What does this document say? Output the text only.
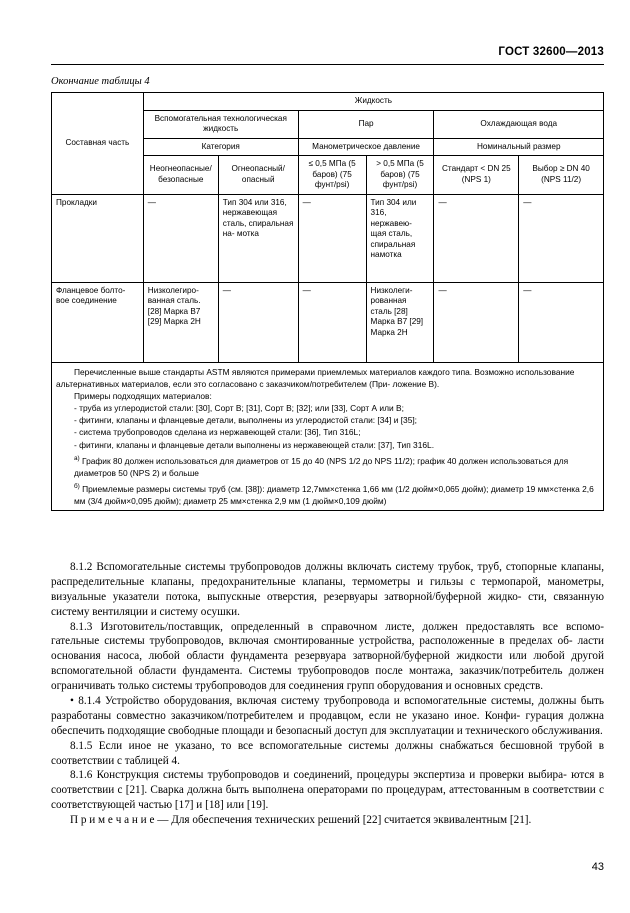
ГОСТ 32600—2013
Окончание таблицы 4
Составная часть	Жидкость					
	Вспомогательная технологическая жидкость		Пар		Охлаждающая вода	
	Категория		Манометрическое давление		Номинальный размер	
	Неогнеопасные/ безопасные	Огнеопасный/ опасный	≤ 0,5 МПа (5 баров) (75 фунт/psi)	> 0,5 МПа (5 баров) (75 фунт/psi)	Стандарт < DN 25 (NPS 1)	Выбор ≥ DN 40 (NPS 11/2)
Прокладки	—	Тип 304 или 316, нержавеющая сталь, спиральная на- мотка	—	Тип 304 или 316, нержавею- щая сталь, спиральная намотка	—	—
Фланцевое болто- вое соединение	Низколегиро- ванная сталь. [28] Марка B7 [29] Марка 2Н	—	—	Низколеги- рованная сталь [28] Марка B7 [29] Марка 2Н	—	—

Перечисленные выше стандарты ASTM являются примерами приемлемых материалов каждого типа. Возможно использование альтернативных материалов, если это согласовано с заказчиком/потребителем (При- ложение В).

Примеры подходящих материалов:

- труба из углеродистой стали: [30], Сорт В; [31], Сорт В; [32]; или [33], Сорт А или В;

- фитинги, клапаны и фланцевые детали, выполнены из углеродистой стали: [34] и [35];

- система трубопроводов сделана из нержавеющей стали: [36], Тип 316L;

- фитинги, клапаны и фланцевые детали выполнены из нержавеющей стали: [37], Тип 316L.

$^{а)}$ График 80 должен использоваться для диаметров от 15 до 40 (NPS 1/2 до NPS 11/2); график 40 должен использоваться для диаметров 50 (NPS 2) и больше

$^{б)}$ Приемлемые размеры системы труб (см. [38]): диаметр 12,7мм×стенка 1,66 мм (1/2 дюйм×0,065 дюйм); диаметр 19 мм×стенка 2,6 мм (3/4 дюйм×0,095 дюйм); диаметр 25 мм×стенка 2,9 мм (1 дюйм×0,109 дюйм)

8.1.2 Вспомогательные системы трубопроводов должны включать систему трубок, труб, стопорные клапаны, распределительные клапаны, предохранительные клапаны, термометры и гильзы с термопарой, манометры, визуальные указатели потока, выпускные отверстия, резервуары затворной/буферной жидко- сти, связанную систему вентиляции и систему осушки.

8.1.3 Изготовитель/поставщик, определенный в справочном листе, должен предоставлять все вспомо- гательные системы трубопроводов, включая смонтированные устройства, расположенные в пределах об- ласти основания насоса, любой области фундамента резервуара затворной/буферной жидкости или любой другой вспомогательной области фундамента. Системы трубопроводов после монтажа, заказчик/потребитель должен ограничивать только системы трубопроводов для соединения групп оборудования и основных средств.

• 8.1.4 Устройство оборудования, включая систему трубопровода и вспомогательные системы, должны быть разработаны совместно заказчиком/потребителем и продавцом, если не указано иное. Конфи- гурация должна обеспечить подходящие свободные площади и безопасный доступ для эксплуатации и технического обслуживания.

8.1.5 Если иное не указано, то все вспомогательные системы должны снабжаться бесшовной трубой в соответствии с таблицей 4.

8.1.6 Конструкция системы трубопроводов и соединений, процедуры экспертиза и проверки выбира- ются в соответствии с [21]. Сварка должна быть выполнена операторами по процедурам, аттестованным в соответствии с соответствующей частью [17] и [18] или [19].

П р и м е ч а н и е — Для обеспечения технических решений [22] считается эквивалентным [21].

43
